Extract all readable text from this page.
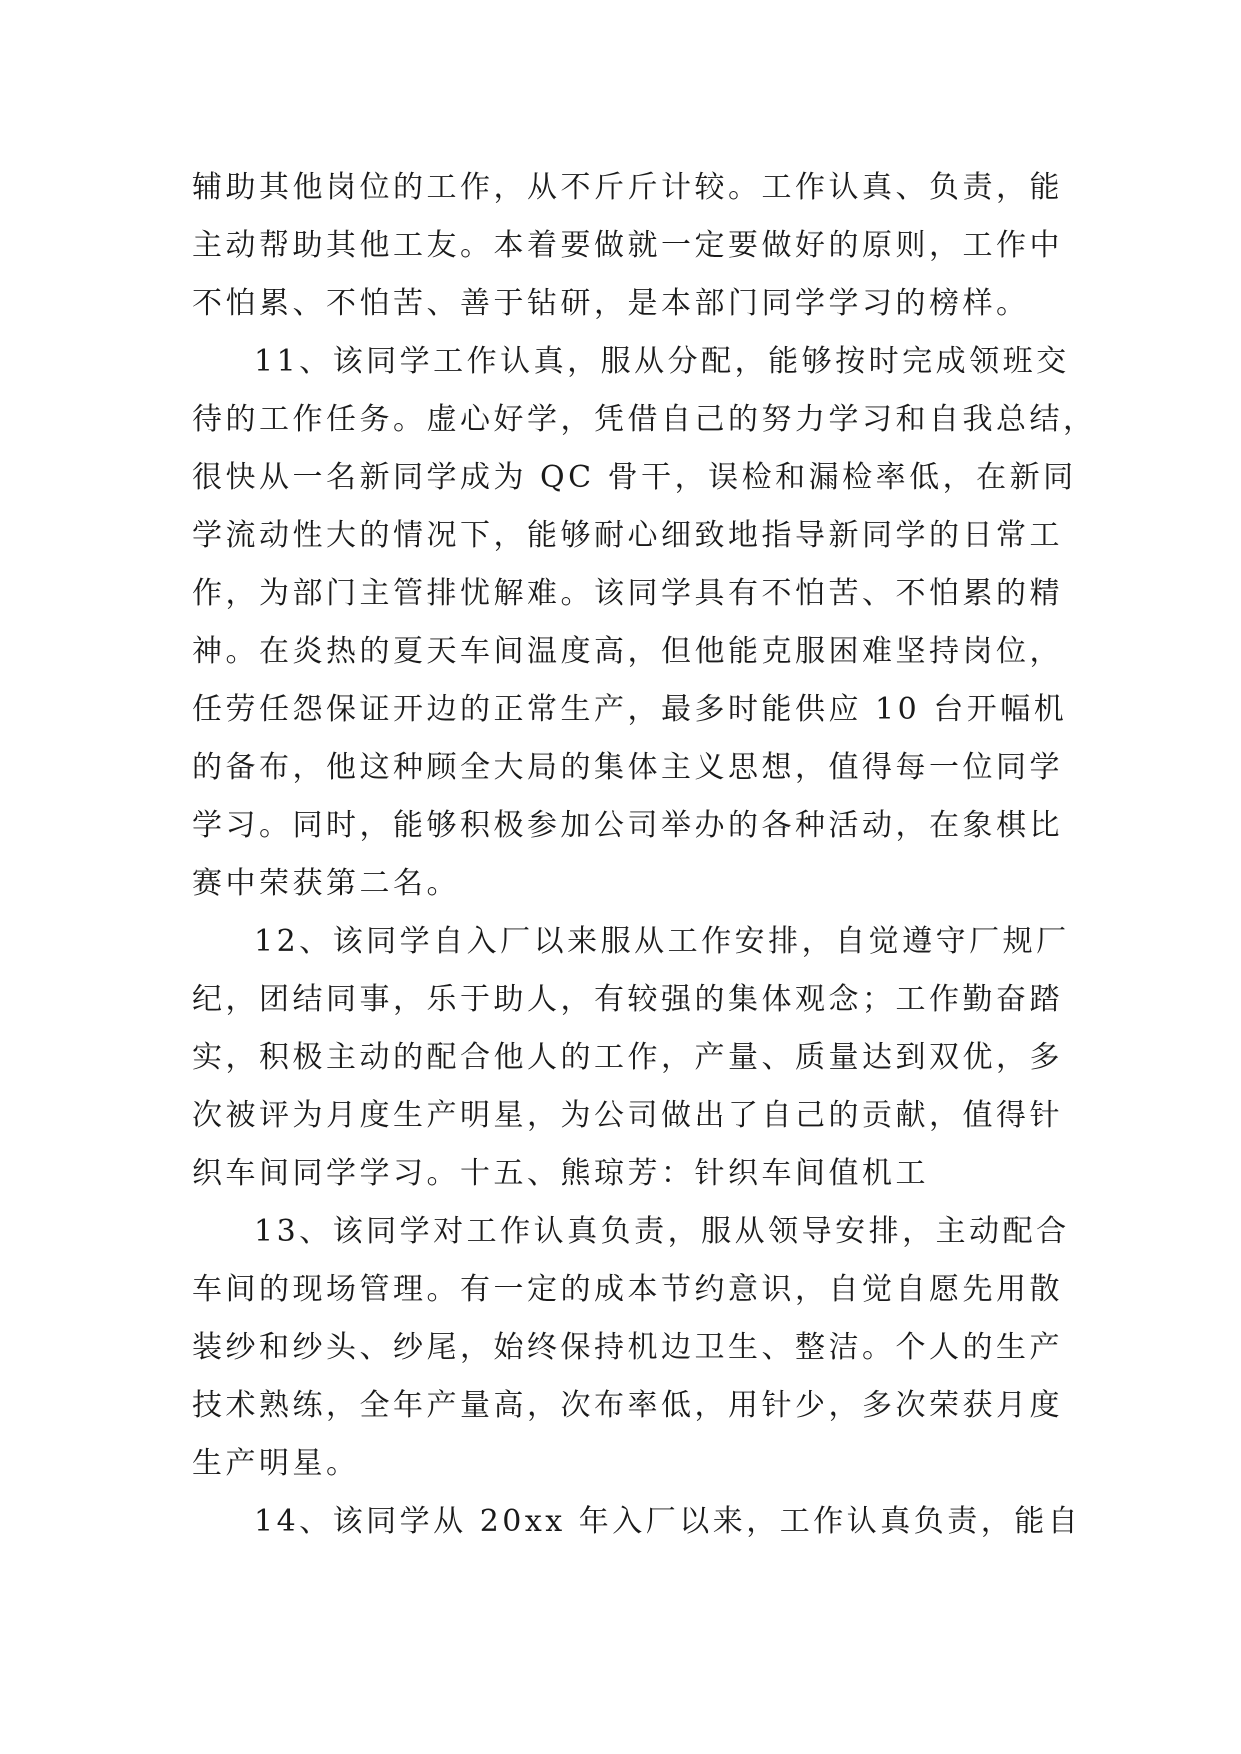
辅助其他岗位的工作，从不斤斤计较。工作认真、负责，能

主动帮助其他工友。本着要做就一定要做好的原则，工作中

不怕累、不怕苦、善于钻研，是本部门同学学习的榜样。

11、该同学工作认真，服从分配，能够按时完成领班交

待的工作任务。虚心好学，凭借自己的努力学习和自我总结，

很快从一名新同学成为 QC 骨干，误检和漏检率低，在新同

学流动性大的情况下，能够耐心细致地指导新同学的日常工

作，为部门主管排忧解难。该同学具有不怕苦、不怕累的精

神。在炎热的夏天车间温度高，但他能克服困难坚持岗位，

任劳任怨保证开边的正常生产，最多时能供应 10 台开幅机

的备布，他这种顾全大局的集体主义思想，值得每一位同学

学习。同时，能够积极参加公司举办的各种活动，在象棋比

赛中荣获第二名。

12、该同学自入厂以来服从工作安排，自觉遵守厂规厂

纪，团结同事，乐于助人，有较强的集体观念；工作勤奋踏

实，积极主动的配合他人的工作，产量、质量达到双优，多

次被评为月度生产明星，为公司做出了自己的贡献，值得针

织车间同学学习。十五、熊琼芳：针织车间值机工

13、该同学对工作认真负责，服从领导安排，主动配合

车间的现场管理。有一定的成本节约意识，自觉自愿先用散

装纱和纱头、纱尾，始终保持机边卫生、整洁。个人的生产

技术熟练，全年产量高，次布率低，用针少，多次荣获月度

生产明星。

14、该同学从 20xx 年入厂以来，工作认真负责，能自
